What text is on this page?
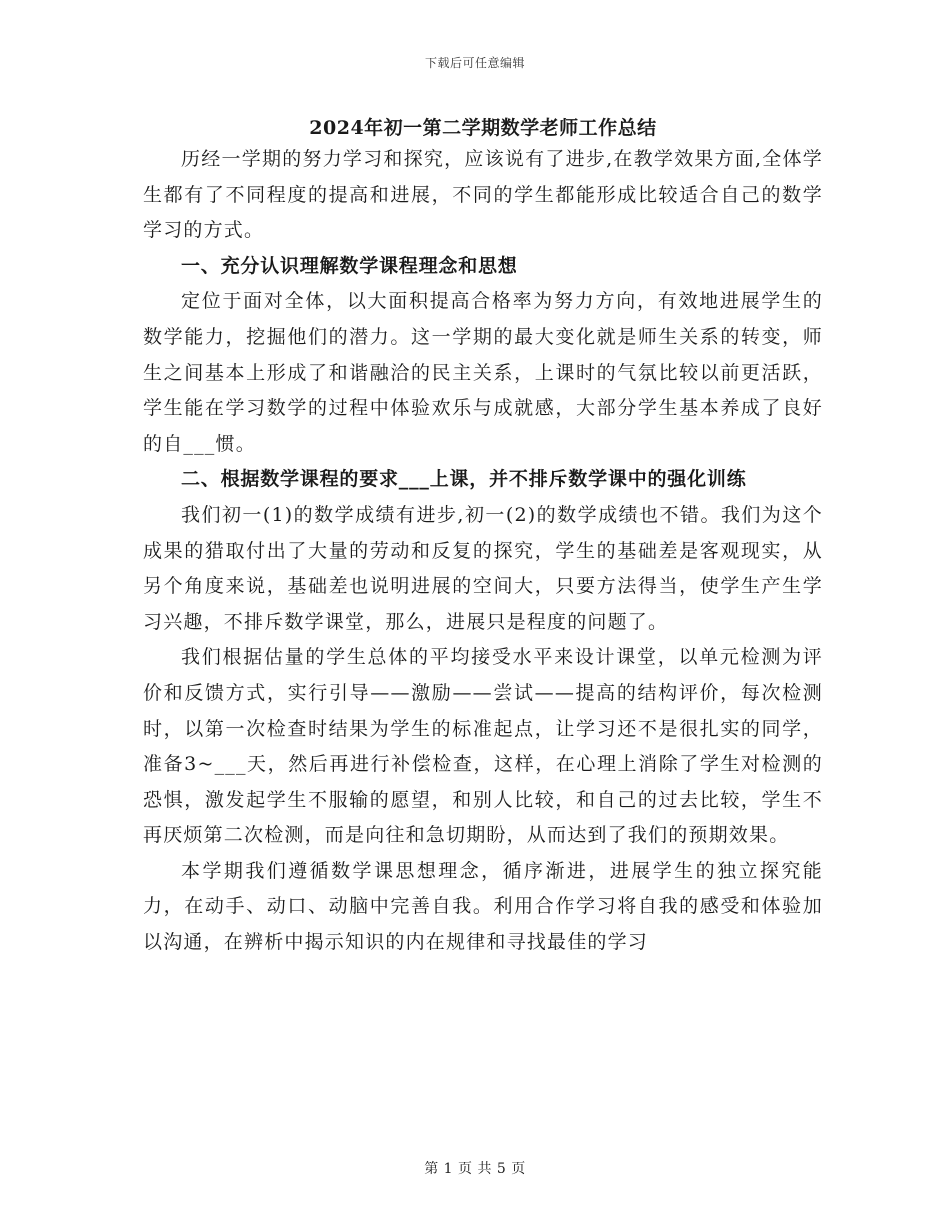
下载后可任意编辑
2024年初一第二学期数学老师工作总结

历经一学期的努力学习和探究，应该说有了进步,在教学效果方面,全体学生都有了不同程度的提高和进展，不同的学生都能形成比较适合自己的数学学习的方式。

一、充分认识理解数学课程理念和思想

定位于面对全体，以大面积提高合格率为努力方向，有效地进展学生的数学能力，挖掘他们的潜力。这一学期的最大变化就是师生关系的转变，师生之间基本上形成了和谐融洽的民主关系，上课时的气氛比较以前更活跃，学生能在学习数学的过程中体验欢乐与成就感，大部分学生基本养成了良好的自___惯。

二、根据数学课程的要求___上课，并不排斥数学课中的强化训练

我们初一(1)的数学成绩有进步,初一(2)的数学成绩也不错。我们为这个成果的猎取付出了大量的劳动和反复的探究，学生的基础差是客观现实，从另个角度来说，基础差也说明进展的空间大，只要方法得当，使学生产生学习兴趣，不排斥数学课堂，那么，进展只是程度的问题了。

我们根据估量的学生总体的平均接受水平来设计课堂，以单元检测为评价和反馈方式，实行引导——激励——尝试——提高的结构评价，每次检测时，以第一次检查时结果为学生的标准起点，让学习还不是很扎实的同学，准备3~___天，然后再进行补偿检查，这样，在心理上消除了学生对检测的恐惧，激发起学生不服输的愿望，和别人比较，和自己的过去比较，学生不再厌烦第二次检测，而是向往和急切期盼，从而达到了我们的预期效果。

本学期我们遵循数学课思想理念，循序渐进，进展学生的独立探究能力，在动手、动口、动脑中完善自我。利用合作学习将自我的感受和体验加以沟通，在辨析中揭示知识的内在规律和寻找最佳的学习

第 1 页 共 5 页
